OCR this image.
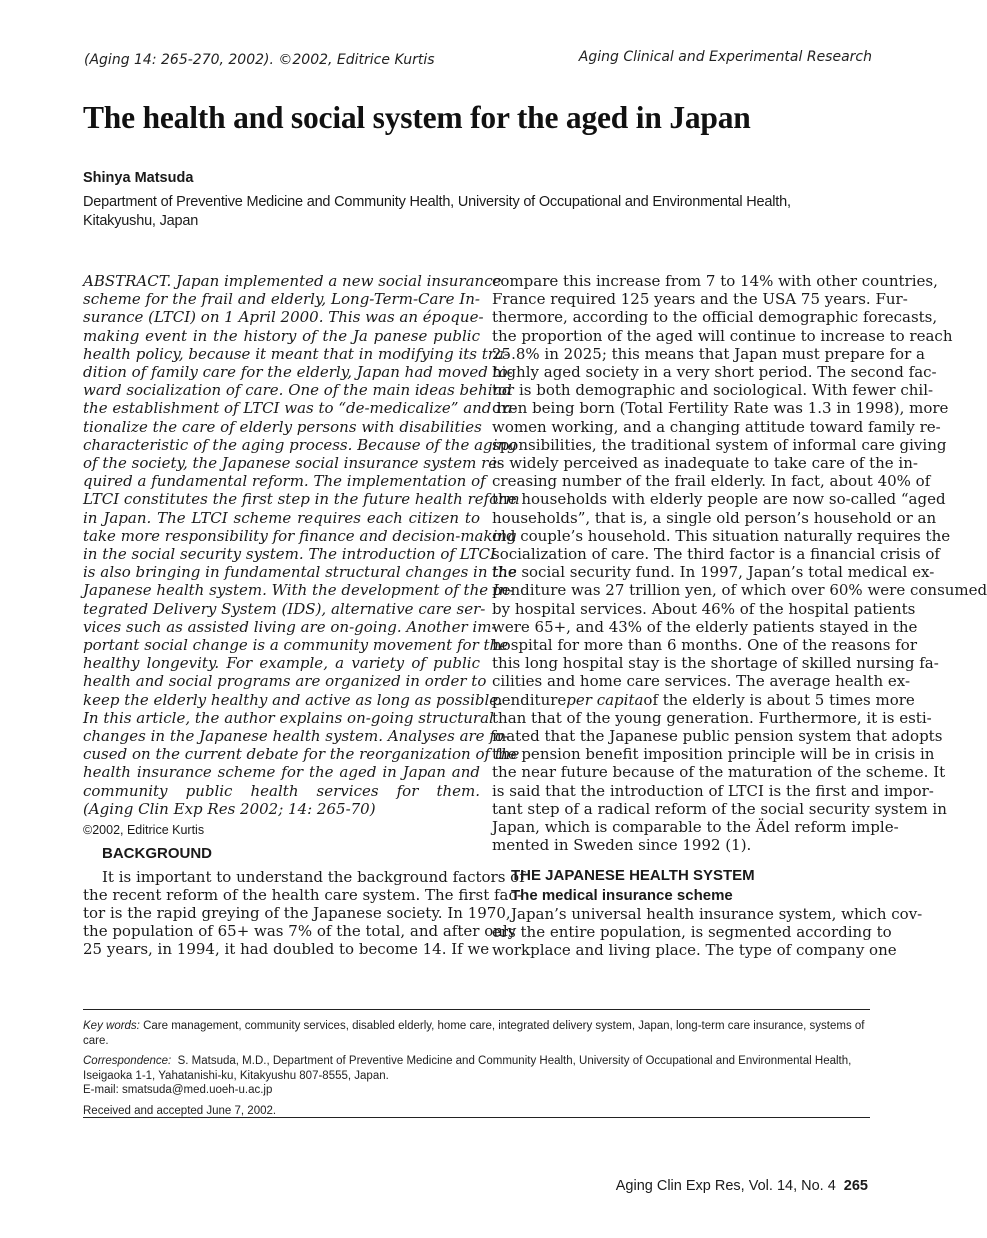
(Aging 14: 265-270, 2002). ©2002, Editrice Kurtis	Aging Clinical and Experimental Research
The health and social system for the aged in Japan
Shinya Matsuda
Department of Preventive Medicine and Community Health, University of Occupational and Environmental Health, Kitakyushu, Japan
ABSTRACT. Japan implemented a new social insurance
scheme for the frail and elderly, Long-Term-Care In-
surance (LTCI) on 1 April 2000. This was an époque-
making event in the history of the Ja panese public
health policy, because it meant that in modifying its tra-
dition of family care for the elderly, Japan had moved to-
ward socialization of care. One of the main ideas behind
the establishment of LTCI was to “de-medicalize” and ra-
tionalize the care of elderly persons with disabilities
characteristic of the aging process. Because of the aging
of the society, the Japanese social insurance system re-
quired a fundamental reform. The implementation of
LTCI constitutes the first step in the future health reform
in Japan. The LTCI scheme requires each citizen to
take more responsibility for finance and decision-making
in the social security system. The introduction of LTCI
is also bringing in fundamental structural changes in the
Japanese health system. With the development of the In-
tegrated Delivery System (IDS), alternative care ser-
vices such as assisted living are on-going. Another im-
portant social change is a community movement for the
healthy longevity. For example, a variety of public
health and social programs are organized in order to
keep the elderly healthy and active as long as possible.
In this article, the author explains on-going structural
changes in the Japanese health system. Analyses are fo-
cused on the current debate for the reorganization of the
health insurance scheme for the aged in Japan and
community public health services for them.
(Aging Clin Exp Res 2002; 14: 265-70)
©2002, Editrice Kurtis
BACKGROUND
It is important to understand the background factors of
the recent reform of the health care system. The first fac-
tor is the rapid greying of the Japanese society. In 1970,
the population of 65+ was 7% of the total, and after only
25 years, in 1994, it had doubled to become 14. If we
compare this increase from 7 to 14% with other countries,
France required 125 years and the USA 75 years. Fur-
thermore, according to the official demographic forecasts,
the proportion of the aged will continue to increase to reach
25.8% in 2025; this means that Japan must prepare for a
highly aged society in a very short period. The second fac-
tor is both demographic and sociological. With fewer chil-
dren being born (Total Fertility Rate was 1.3 in 1998), more
women working, and a changing attitude toward family re-
sponsibilities, the traditional system of informal care giving
is widely perceived as inadequate to take care of the in-
creasing number of the frail elderly. In fact, about 40% of
the households with elderly people are now so-called “aged
households”, that is, a single old person’s household or an
old couple’s household. This situation naturally requires the
socialization of care. The third factor is a financial crisis of
the social security fund. In 1997, Japan’s total medical ex-
penditure was 27 trillion yen, of which over 60% were consumed
by hospital services. About 46% of the hospital patients
were 65+, and 43% of the elderly patients stayed in the
hospital for more than 6 months. One of the reasons for
this long hospital stay is the shortage of skilled nursing fa-
cilities and home care services. The average health ex-
penditureper capitaof the elderly is about 5 times more
than that of the young generation. Furthermore, it is esti-
mated that the Japanese public pension system that adopts
the pension benefit imposition principle will be in crisis in
the near future because of the maturation of the scheme. It
is said that the introduction of LTCI is the first and impor-
tant step of a radical reform of the social security system in
Japan, which is comparable to the Ädel reform imple-
mented in Sweden since 1992 (1).
THE JAPANESE HEALTH SYSTEM
The medical insurance scheme
Japan’s universal health insurance system, which cov-
ers the entire population, is segmented according to
workplace and living place. The type of company one

Key words: Care management, community services, disabled elderly, home care, integrated delivery system, Japan, long-term care insurance, systems of care.

Correspondence: S. Matsuda, M.D., Department of Preventive Medicine and Community Health, University of Occupational and Environmental Health, Iseigaoka 1-1, Yahatanishi-ku, Kitakyushu 807-8555, Japan.

E-mail: smatsuda@med.uoeh-u.ac.jp

Received and accepted June 7, 2002.

Aging Clin Exp Res, Vol. 14, No. 4 265
